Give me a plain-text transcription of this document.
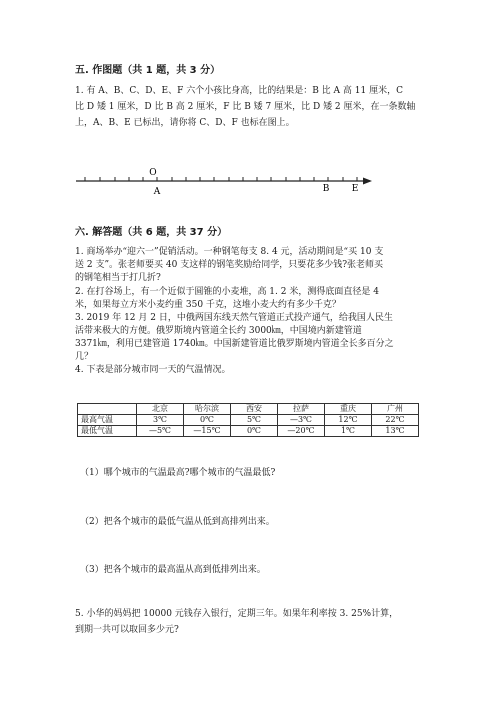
五. 作图题（共 1 题，共 3 分）
1. 有 A、B、C、D、E、F 六个小孩比身高，比的结果是：B 比 A 高 11 厘米，C
比 D 矮 1 厘米，D 比 B 高 2 厘米，F 比 B 矮 7 厘米，比 D 矮 2 厘米，在一条数轴
上，A、B、E 已标出，请你将 C、D、F 也标在图上。
O
A	B E
六. 解答题（共 6 题，共 37 分）
1. 商场举办“迎六一”促销活动。一种钢笔每支 8. 4 元，活动期间是“买 10 支
送 2 支”。张老师要买 40 支这样的钢笔奖励给同学，只要花多少钱?张老师买
的钢笔相当于打几折?
2. 在打谷场上，有一个近似于圆锥的小麦堆，高 1. 2 米，测得底面直径是 4
米，如果每立方米小麦约重 350 千克，这堆小麦大约有多少千克？
3. 2019 年 12 月 2 日，中俄两国东线天然气管道正式投产通气，给我国人民生
活带来极大的方便。俄罗斯境内管道全长约 3000㎞，中国境内新建管道
3371㎞，利用已建管道 1740㎞。中国新建管道比俄罗斯境内管道全长多百分之
几？
4. 下表是部分城市同一天的气温情况。
	北京	哈尔滨	西安	拉萨	重庆	广州
最高气温	3℃	0℃	5℃	—3℃	12℃	22℃
最低气温	—5℃	—15℃	0℃	—20℃	1℃	13℃
（1）哪个城市的气温最高?哪个城市的气温最低?
（2）把各个城市的最低气温从低到高排列出来。
（3）把各个城市的最高温从高到低排列出来。
5. 小华的妈妈把 10000 元钱存入银行，定期三年。如果年利率按 3. 25%计算，
到期一共可以取回多少元?
